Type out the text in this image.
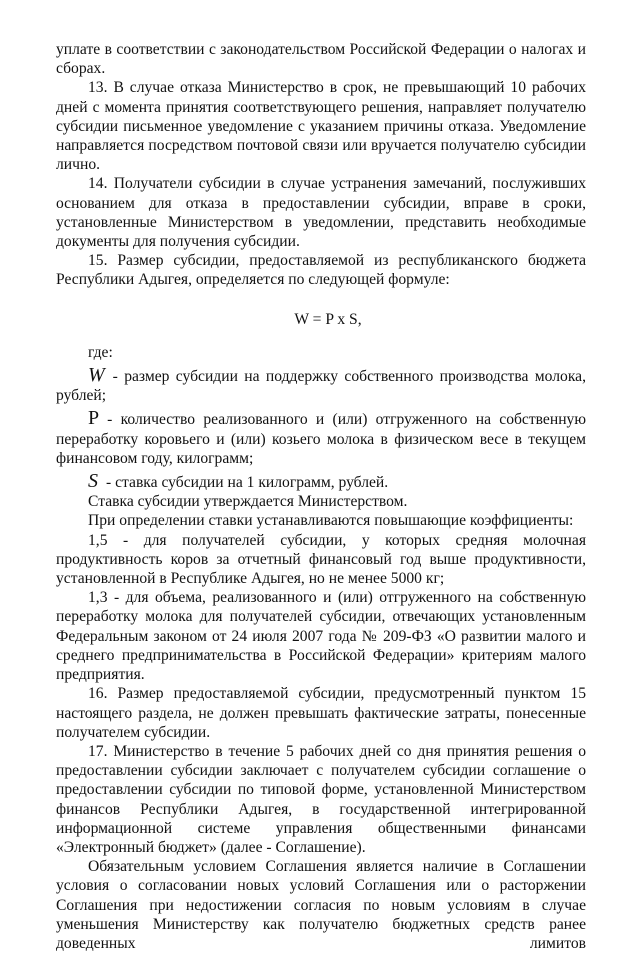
уплате в соответствии с законодательством Российской Федерации о налогах и сборах.

13. В случае отказа Министерство в срок, не превышающий 10 рабочих дней с момента принятия соответствующего решения, направляет получателю субсидии письменное уведомление с указанием причины отказа. Уведомление направляется посредством почтовой связи или вручается получателю субсидии лично.

14. Получатели субсидии в случае устранения замечаний, послуживших основанием для отказа в предоставлении субсидии, вправе в сроки, установленные Министерством в уведомлении, представить необходимые документы для получения субсидии.

15. Размер субсидии, предоставляемой из республиканского бюджета Республики Адыгея, определяется по следующей формуле:

W = P x S,

где:

W - размер субсидии на поддержку собственного производства молока, рублей;

P - количество реализованного и (или) отгруженного на собственную переработку коровьего и (или) козьего молока в физическом весе в текущем финансовом году, килограмм;

S - ставка субсидии на 1 килограмм, рублей.

Ставка субсидии утверждается Министерством.

При определении ставки устанавливаются повышающие коэффициенты:

1,5 - для получателей субсидии, у которых средняя молочная продуктивность коров за отчетный финансовый год выше продуктивности, установленной в Республике Адыгея, но не менее 5000 кг;

1,3 - для объема, реализованного и (или) отгруженного на собственную переработку молока для получателей субсидии, отвечающих установленным Федеральным законом от 24 июля 2007 года № 209-ФЗ «О развитии малого и среднего предпринимательства в Российской Федерации» критериям малого предприятия.

16. Размер предоставляемой субсидии, предусмотренный пунктом 15 настоящего раздела, не должен превышать фактические затраты, понесенные получателем субсидии.

17. Министерство в течение 5 рабочих дней со дня принятия решения о предоставлении субсидии заключает с получателем субсидии соглашение о предоставлении субсидии по типовой форме, установленной Министерством финансов Республики Адыгея, в государственной интегрированной информационной системе управления общественными финансами «Электронный бюджет» (далее - Соглашение).

Обязательным условием Соглашения является наличие в Соглашении условия о согласовании новых условий Соглашения или о расторжении Соглашения при недостижении согласия по новым условиям в случае уменьшения Министерству как получателю бюджетных средств ранее доведенных лимитов
